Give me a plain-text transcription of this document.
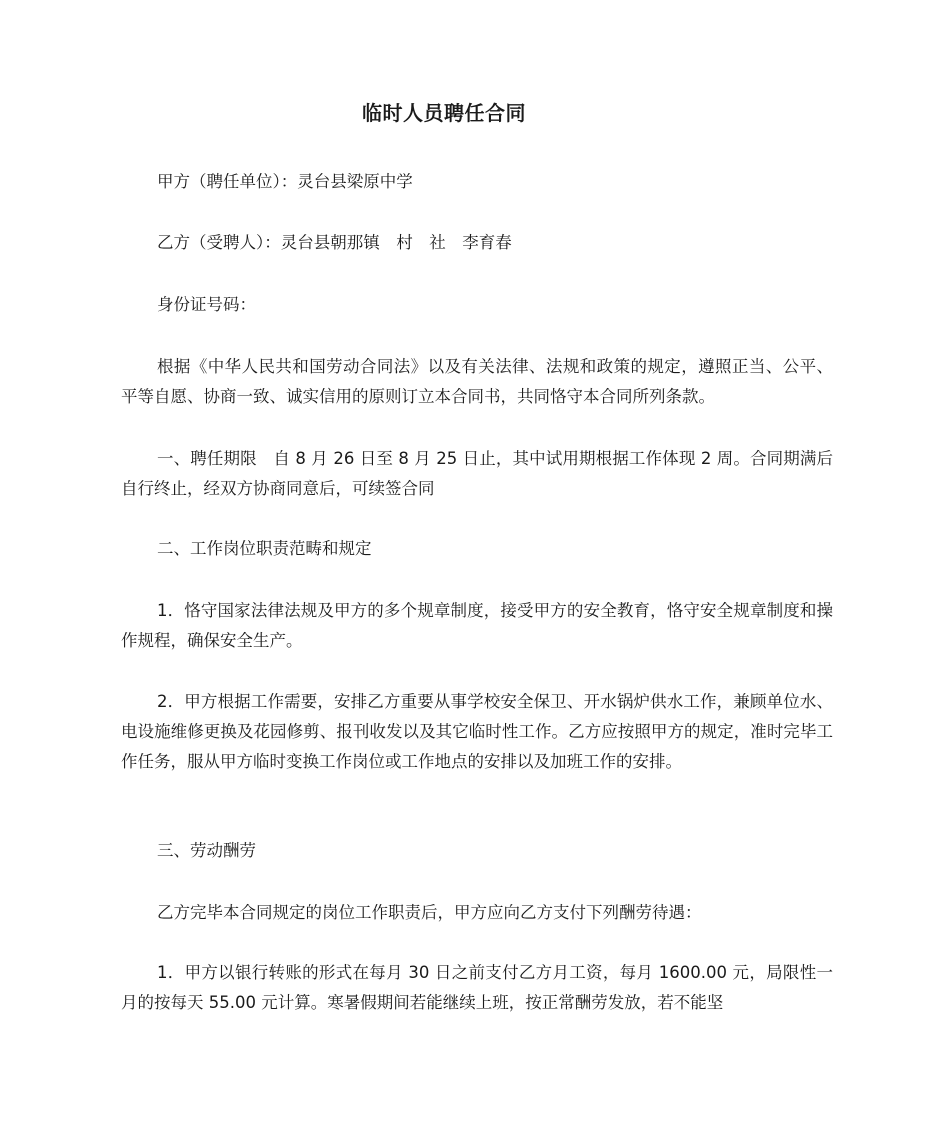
临时人员聘任合同

甲方（聘任单位）：灵台县梁原中学

乙方（受聘人）：灵台县朝那镇　村　社　李育春

身份证号码：

根据《中华人民共和国劳动合同法》以及有关法律、法规和政策的规定，遵照正当、公平、平等自愿、协商一致、诚实信用的原则订立本合同书，共同恪守本合同所列条款。

一、聘任期限　自 8 月 26 日至 8 月 25 日止，其中试用期根据工作体现 2 周。合同期满后自行终止，经双方协商同意后，可续签合同

二、工作岗位职责范畴和规定

1．恪守国家法律法规及甲方的多个规章制度，接受甲方的安全教育，恪守安全规章制度和操作规程，确保安全生产。

2．甲方根据工作需要，安排乙方重要从事学校安全保卫、开水锅炉供水工作，兼顾单位水、电设施维修更换及花园修剪、报刊收发以及其它临时性工作。乙方应按照甲方的规定，准时完毕工作任务，服从甲方临时变换工作岗位或工作地点的安排以及加班工作的安排。

三、劳动酬劳

乙方完毕本合同规定的岗位工作职责后，甲方应向乙方支付下列酬劳待遇：

1．甲方以银行转账的形式在每月 30 日之前支付乙方月工资，每月 1600.00 元，局限性一月的按每天 55.00 元计算。寒暑假期间若能继续上班，按正常酬劳发放，若不能坚
